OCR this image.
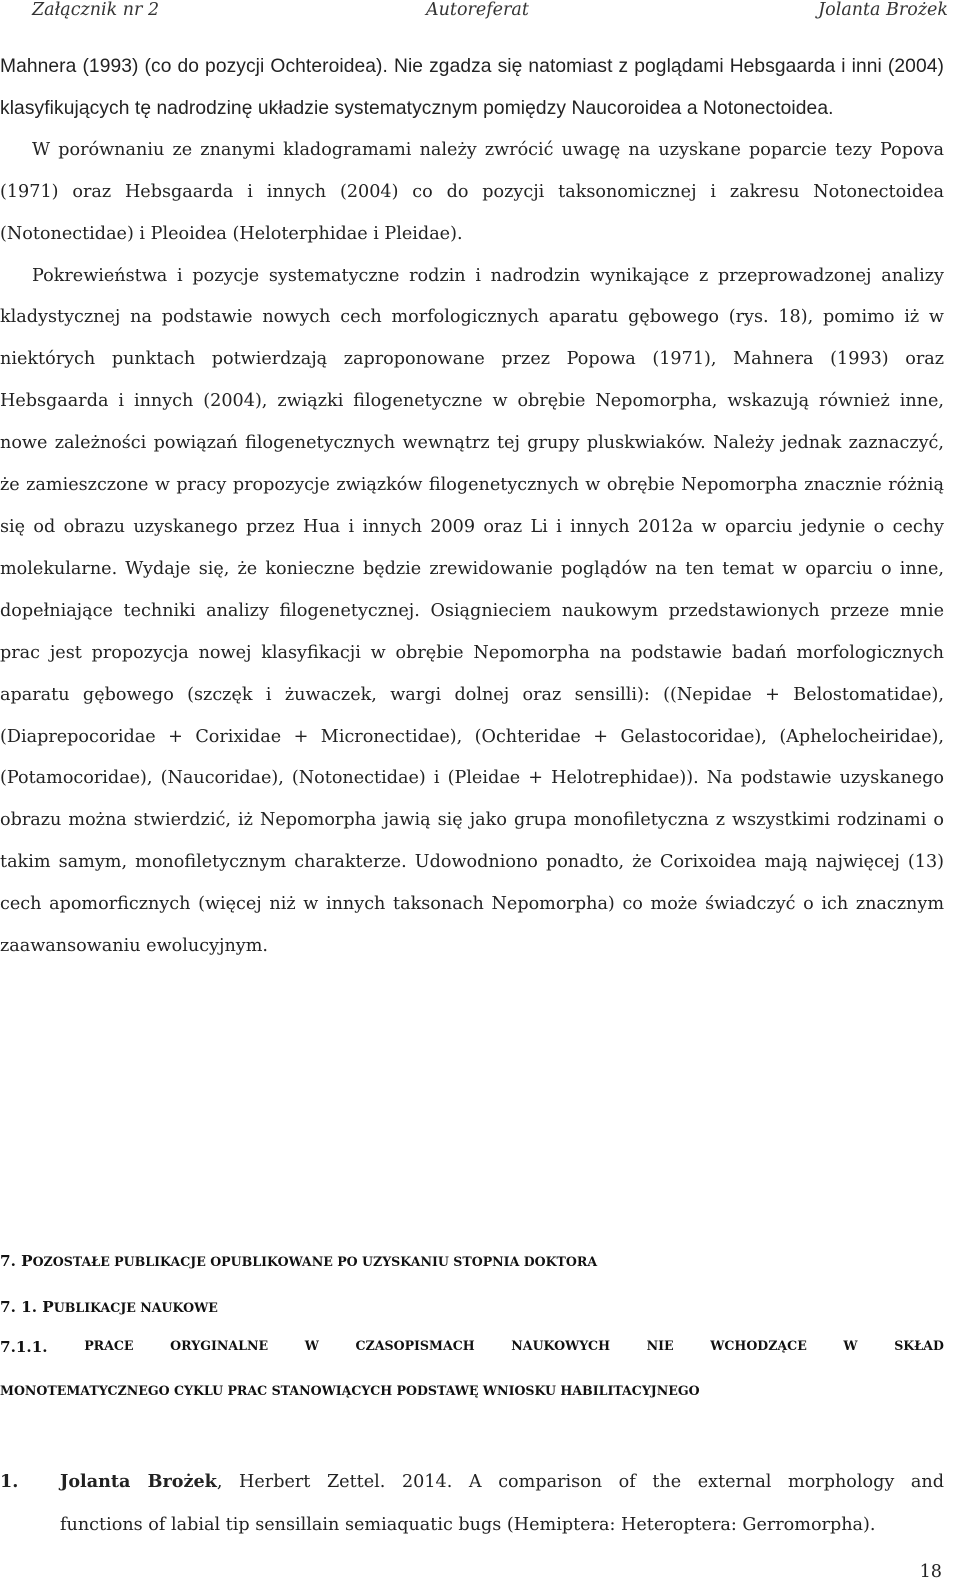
Załącznik nr 2	Autoreferat	Jolanta Brożek

Mahnera (1993) (co do pozycji Ochteroidea). Nie zgadza się natomiast z poglądami Hebsgaarda i inni (2004) klasyfikujących tę nadrodzinę układzie systematycznym pomiędzy Naucoroidea a Notonectoidea.

W porównaniu ze znanymi kladogramami należy zwrócić uwagę na uzyskane poparcie tezy Popova (1971) oraz Hebsgaarda i innych (2004) co do pozycji taksonomicznej i zakresu Notonectoidea (Notonectidae) i Pleoidea (Heloterphidae i Pleidae).

Pokrewieństwa i pozycje systematyczne rodzin i nadrodzin wynikające z przeprowadzonej analizy kladystycznej na podstawie nowych cech morfologicznych aparatu gębowego (rys. 18), pomimo iż w niektórych punktach potwierdzają zaproponowane przez Popowa (1971), Mahnera (1993) oraz Hebsgaarda i innych (2004), związki filogenetyczne w obrębie Nepomorpha, wskazują również inne, nowe zależności powiązań filogenetycznych wewnątrz tej grupy pluskwiaków. Należy jednak zaznaczyć, że zamieszczone w pracy propozycje związków filogenetycznych w obrębie Nepomorpha znacznie różnią się od obrazu uzyskanego przez Hua i innych 2009 oraz Li i innych 2012a w oparciu jedynie o cechy molekularne. Wydaje się, że konieczne będzie zrewidowanie poglądów na ten temat w oparciu o inne, dopełniające techniki analizy filogenetycznej. Osiągnieciem naukowym przedstawionych przeze mnie prac jest propozycja nowej klasyfikacji w obrębie Nepomorpha na podstawie badań morfologicznych aparatu gębowego (szczęk i żuwaczek, wargi dolnej oraz sensilli): ((Nepidae + Belostomatidae), (Diaprepocoridae + Corixidae + Micronectidae), (Ochteridae + Gelastocoridae), (Aphelocheiridae), (Potamocoridae), (Naucoridae), (Notonectidae) i (Pleidae + Helotrephidae)). Na podstawie uzyskanego obrazu można stwierdzić, iż Nepomorpha jawią się jako grupa monofiletyczna z wszystkimi rodzinami o takim samym, monofiletycznym charakterze. Udowodniono ponadto, że Corixoidea mają najwięcej (13) cech apomorficznych (więcej niż w innych taksonach Nepomorpha) co może świadczyć o ich znacznym zaawansowaniu ewolucyjnym.

7. POZOSTAŁE PUBLIKACJE OPUBLIKOWANE PO UZYSKANIU STOPNIA DOKTORA
7. 1. PUBLIKACJE NAUKOWE
7.1.1.	PRACE	ORYGINALNE	W	CZASOPISMACH	NAUKOWYCH	NIE	WCHODZĄCE	W	SKŁAD
MONOTEMATYCZNEGO CYKLU PRAC STANOWIĄCYCH PODSTAWĘ WNIOSKU HABILITACYJNEGO
1.	Jolanta Brożek, Herbert Zettel. 2014. A comparison of the external morphology and
functions of labial tip sensillain semiaquatic bugs (Hemiptera: Heteroptera: Gerromorpha).
18
